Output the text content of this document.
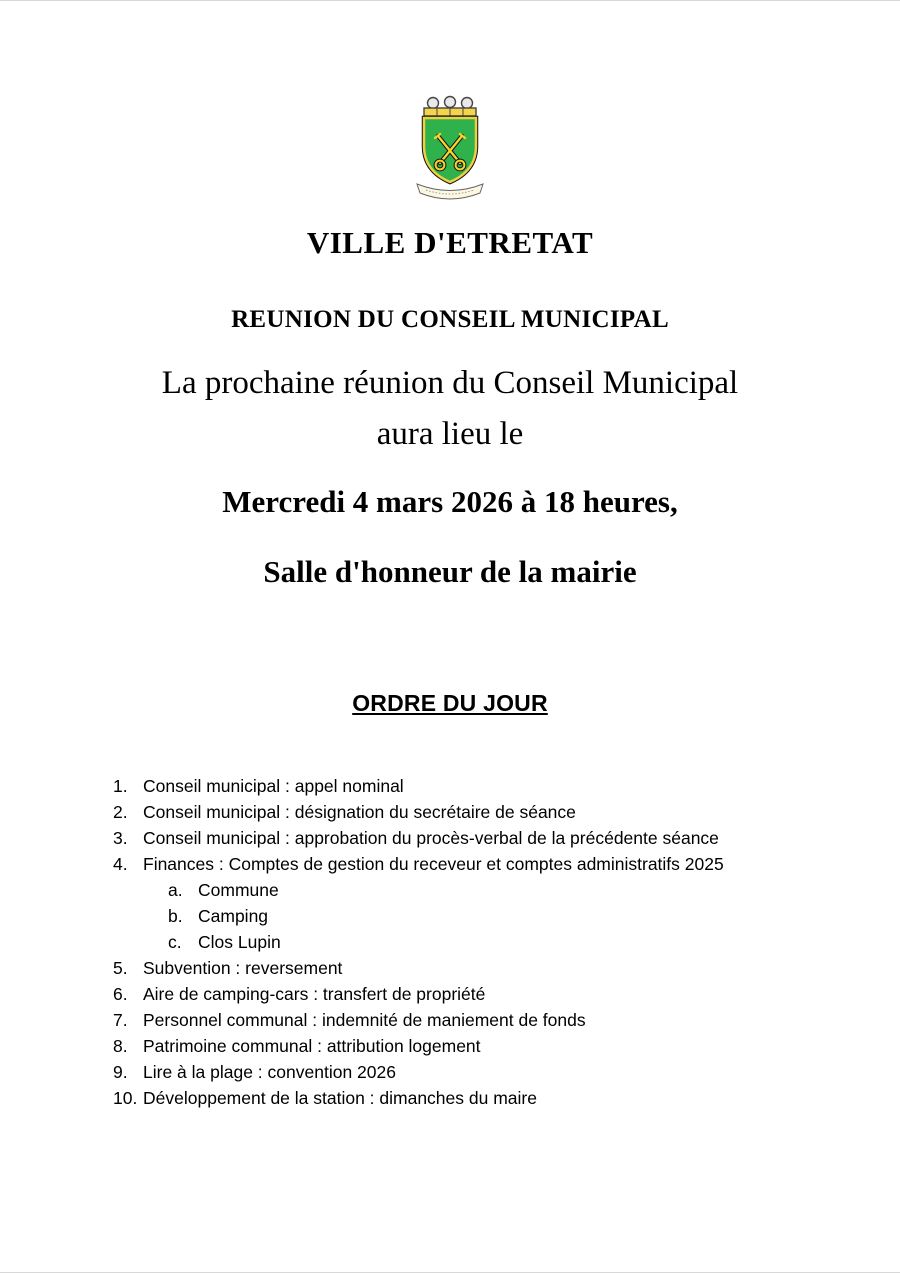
VILLE D'ETRETAT
REUNION DU CONSEIL MUNICIPAL

La prochaine réunion du Conseil Municipal
aura lieu le

Mercredi 4 mars 2026 à 18 heures,

Salle d'honneur de la mairie

ORDRE DU JOUR
1. Conseil municipal : appel nominal
2. Conseil municipal : désignation du secrétaire de séance
3. Conseil municipal : approbation du procès-verbal de la précédente séance
4. Finances : Comptes de gestion du receveur et comptes administratifs 2025
a. Commune
b. Camping
c. Clos Lupin
5. Subvention : reversement
6. Aire de camping-cars : transfert de propriété
7. Personnel communal : indemnité de maniement de fonds
8. Patrimoine communal : attribution logement
9. Lire à la plage : convention 2026
10. Développement de la station : dimanches du maire
